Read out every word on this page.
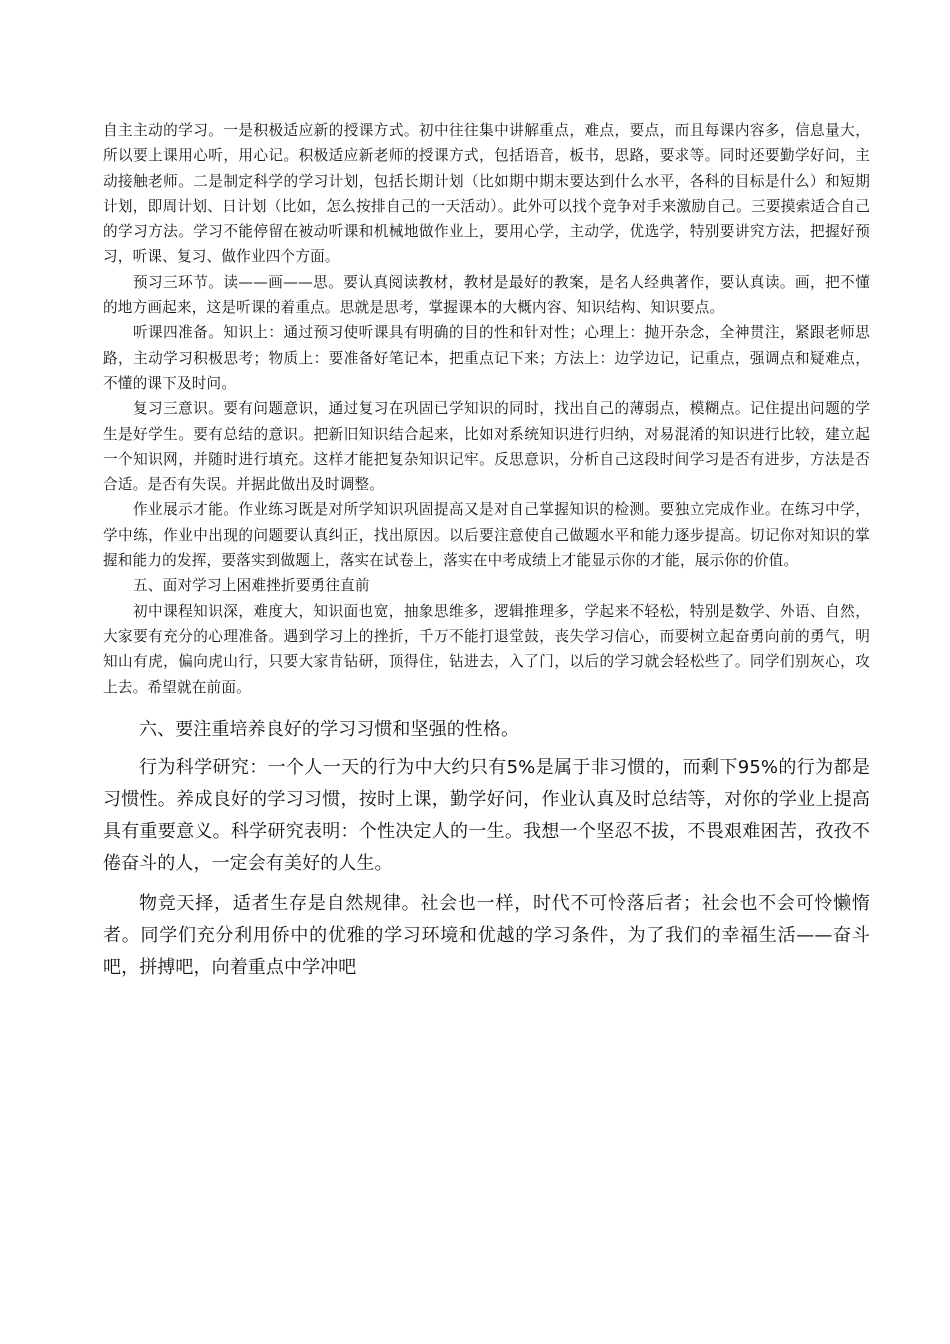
自主主动的学习。一是积极适应新的授课方式。初中往往集中讲解重点，难点，要点，而且每课内容多，信息量大，所以要上课用心听，用心记。积极适应新老师的授课方式，包括语音，板书，思路，要求等。同时还要勤学好问，主动接触老师。二是制定科学的学习计划，包括长期计划（比如期中期末要达到什么水平，各科的目标是什么）和短期计划，即周计划、日计划（比如，怎么按排自己的一天活动）。此外可以找个竞争对手来激励自己。三要摸索适合自己的学习方法。学习不能停留在被动听课和机械地做作业上，要用心学，主动学，优选学，特别要讲究方法，把握好预习，听课、复习、做作业四个方面。

预习三环节。读——画——思。要认真阅读教材，教材是最好的教案，是名人经典著作，要认真读。画，把不懂的地方画起来，这是听课的着重点。思就是思考，掌握课本的大概内容、知识结构、知识要点。

听课四准备。知识上：通过预习使听课具有明确的目的性和针对性；心理上：抛开杂念，全神贯注，紧跟老师思路，主动学习积极思考；物质上：要准备好笔记本，把重点记下来；方法上：边学边记，记重点，强调点和疑难点，不懂的课下及时问。

复习三意识。要有问题意识，通过复习在巩固已学知识的同时，找出自己的薄弱点，模糊点。记住提出问题的学生是好学生。要有总结的意识。把新旧知识结合起来，比如对系统知识进行归纳，对易混淆的知识进行比较，建立起一个知识网，并随时进行填充。这样才能把复杂知识记牢。反思意识，分析自己这段时间学习是否有进步，方法是否合适。是否有失误。并据此做出及时调整。

作业展示才能。作业练习既是对所学知识巩固提高又是对自己掌握知识的检测。要独立完成作业。在练习中学，学中练，作业中出现的问题要认真纠正，找出原因。以后要注意使自己做题水平和能力逐步提高。切记你对知识的掌握和能力的发挥，要落实到做题上，落实在试卷上，落实在中考成绩上才能显示你的才能，展示你的价值。

五、面对学习上困难挫折要勇往直前

初中课程知识深，难度大，知识面也宽，抽象思维多，逻辑推理多，学起来不轻松，特别是数学、外语、自然，大家要有充分的心理准备。遇到学习上的挫折，千万不能打退堂鼓，丧失学习信心，而要树立起奋勇向前的勇气，明知山有虎，偏向虎山行，只要大家肯钻研，顶得住，钻进去，入了门，以后的学习就会轻松些了。同学们别灰心，攻上去。希望就在前面。

六、要注重培养良好的学习习惯和坚强的性格。

行为科学研究：一个人一天的行为中大约只有5%是属于非习惯的，而剩下95%的行为都是习惯性。养成良好的学习习惯，按时上课，勤学好问，作业认真及时总结等，对你的学业上提高具有重要意义。科学研究表明：个性决定人的一生。我想一个坚忍不拔，不畏艰难困苦，孜孜不倦奋斗的人，一定会有美好的人生。

物竞天择，适者生存是自然规律。社会也一样，时代不可怜落后者；社会也不会可怜懒惰者。同学们充分利用侨中的优雅的学习环境和优越的学习条件，为了我们的幸福生活——奋斗吧，拼搏吧，向着重点中学冲吧
